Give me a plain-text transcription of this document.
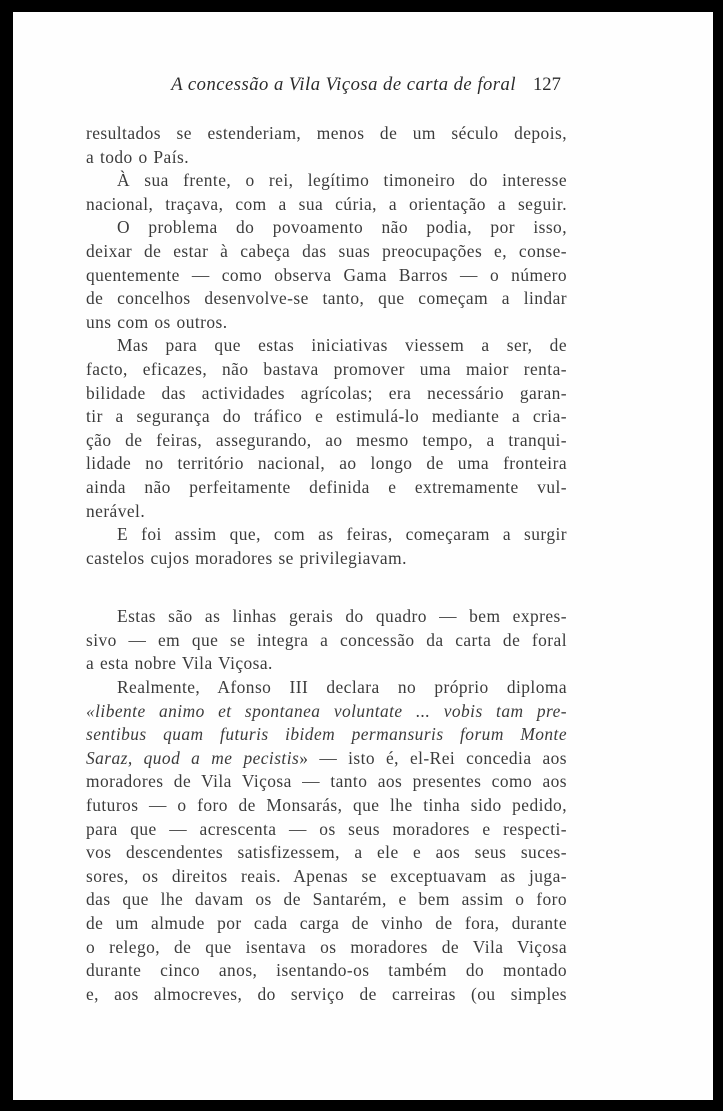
A concessão a Vila Viçosa de carta de foral 127
resultados se estenderiam, menos de um século depois,
a todo o País.
À sua frente, o rei, legítimo timoneiro do interesse
nacional, traçava, com a sua cúria, a orientação a seguir.
O problema do povoamento não podia, por isso,
deixar de estar à cabeça das suas preocupações e, conse-
quentemente — como observa Gama Barros — o número
de concelhos desenvolve-se tanto, que começam a lindar
uns com os outros.
Mas para que estas iniciativas viessem a ser, de
facto, eficazes, não bastava promover uma maior renta-
bilidade das actividades agrícolas; era necessário garan-
tir a segurança do tráfico e estimulá-lo mediante a cria-
ção de feiras, assegurando, ao mesmo tempo, a tranqui-
lidade no território nacional, ao longo de uma fronteira
ainda não perfeitamente definida e extremamente vul-
nerável.
E foi assim que, com as feiras, começaram a surgir
castelos cujos moradores se privilegiavam.
Estas são as linhas gerais do quadro — bem expres-
sivo — em que se integra a concessão da carta de foral
a esta nobre Vila Viçosa.
Realmente, Afonso III declara no próprio diploma
«libente animo et spontanea voluntate ... vobis tam pre-
sentibus quam futuris ibidem permansuris forum Monte
Saraz, quod a me pecistis» — isto é, el-Rei concedia aos
moradores de Vila Viçosa — tanto aos presentes como aos
futuros — o foro de Monsarás, que lhe tinha sido pedido,
para que — acrescenta — os seus moradores e respecti-
vos descendentes satisfizessem, a ele e aos seus suces-
sores, os direitos reais. Apenas se exceptuavam as juga-
das que lhe davam os de Santarém, e bem assim o foro
de um almude por cada carga de vinho de fora, durante
o relego, de que isentava os moradores de Vila Viçosa
durante cinco anos, isentando-os também do montado
e, aos almocreves, do serviço de carreiras (ou simples
